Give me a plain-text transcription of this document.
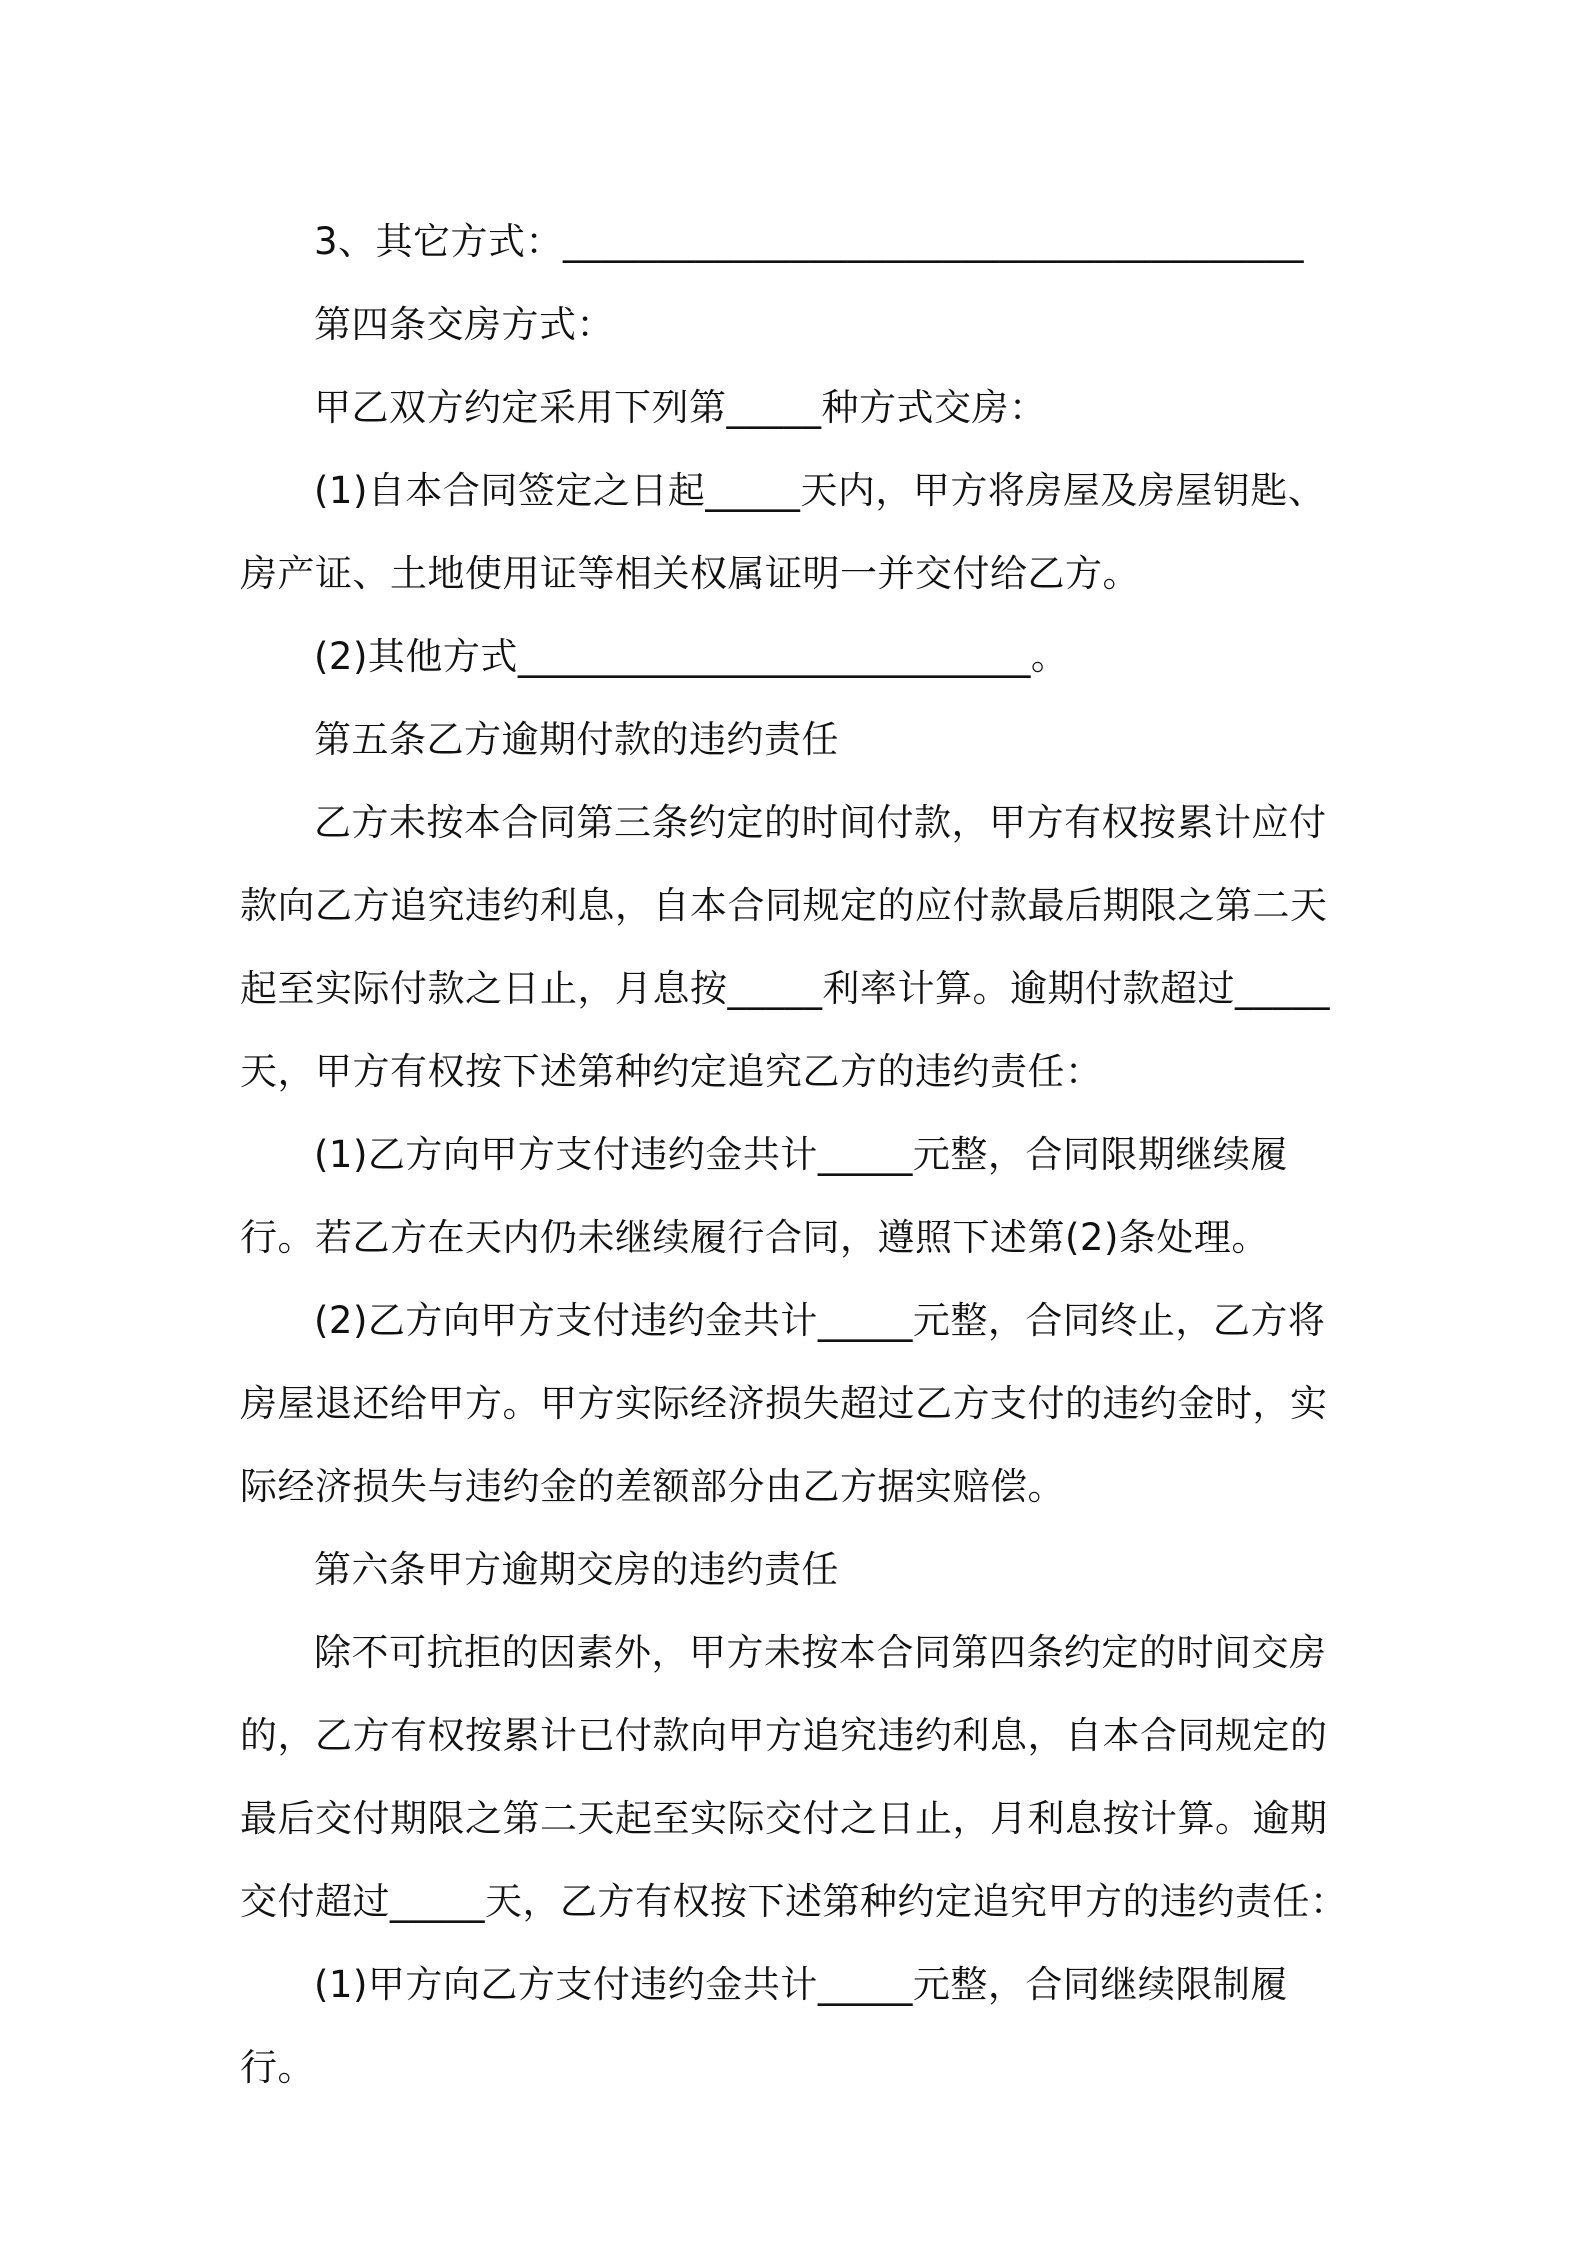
3、其它方式：_______________________________________

第四条交房方式：

甲乙双方约定采用下列第_____种方式交房：

(1)自本合同签定之日起_____天内，甲方将房屋及房屋钥匙、房产证、土地使用证等相关权属证明一并交付给乙方。

(2)其他方式___________________________。

第五条乙方逾期付款的违约责任

乙方未按本合同第三条约定的时间付款，甲方有权按累计应付款向乙方追究违约利息，自本合同规定的应付款最后期限之第二天起至实际付款之日止，月息按_____利率计算。逾期付款超过_____天，甲方有权按下述第种约定追究乙方的违约责任：

(1)乙方向甲方支付违约金共计_____元整，合同限期继续履行。若乙方在天内仍未继续履行合同，遵照下述第(2)条处理。

(2)乙方向甲方支付违约金共计_____元整，合同终止，乙方将房屋退还给甲方。甲方实际经济损失超过乙方支付的违约金时，实际经济损失与违约金的差额部分由乙方据实赔偿。

第六条甲方逾期交房的违约责任

除不可抗拒的因素外，甲方未按本合同第四条约定的时间交房的，乙方有权按累计已付款向甲方追究违约利息，自本合同规定的最后交付期限之第二天起至实际交付之日止，月利息按计算。逾期交付超过_____天，乙方有权按下述第种约定追究甲方的违约责任：

(1)甲方向乙方支付违约金共计_____元整，合同继续限制履行。
